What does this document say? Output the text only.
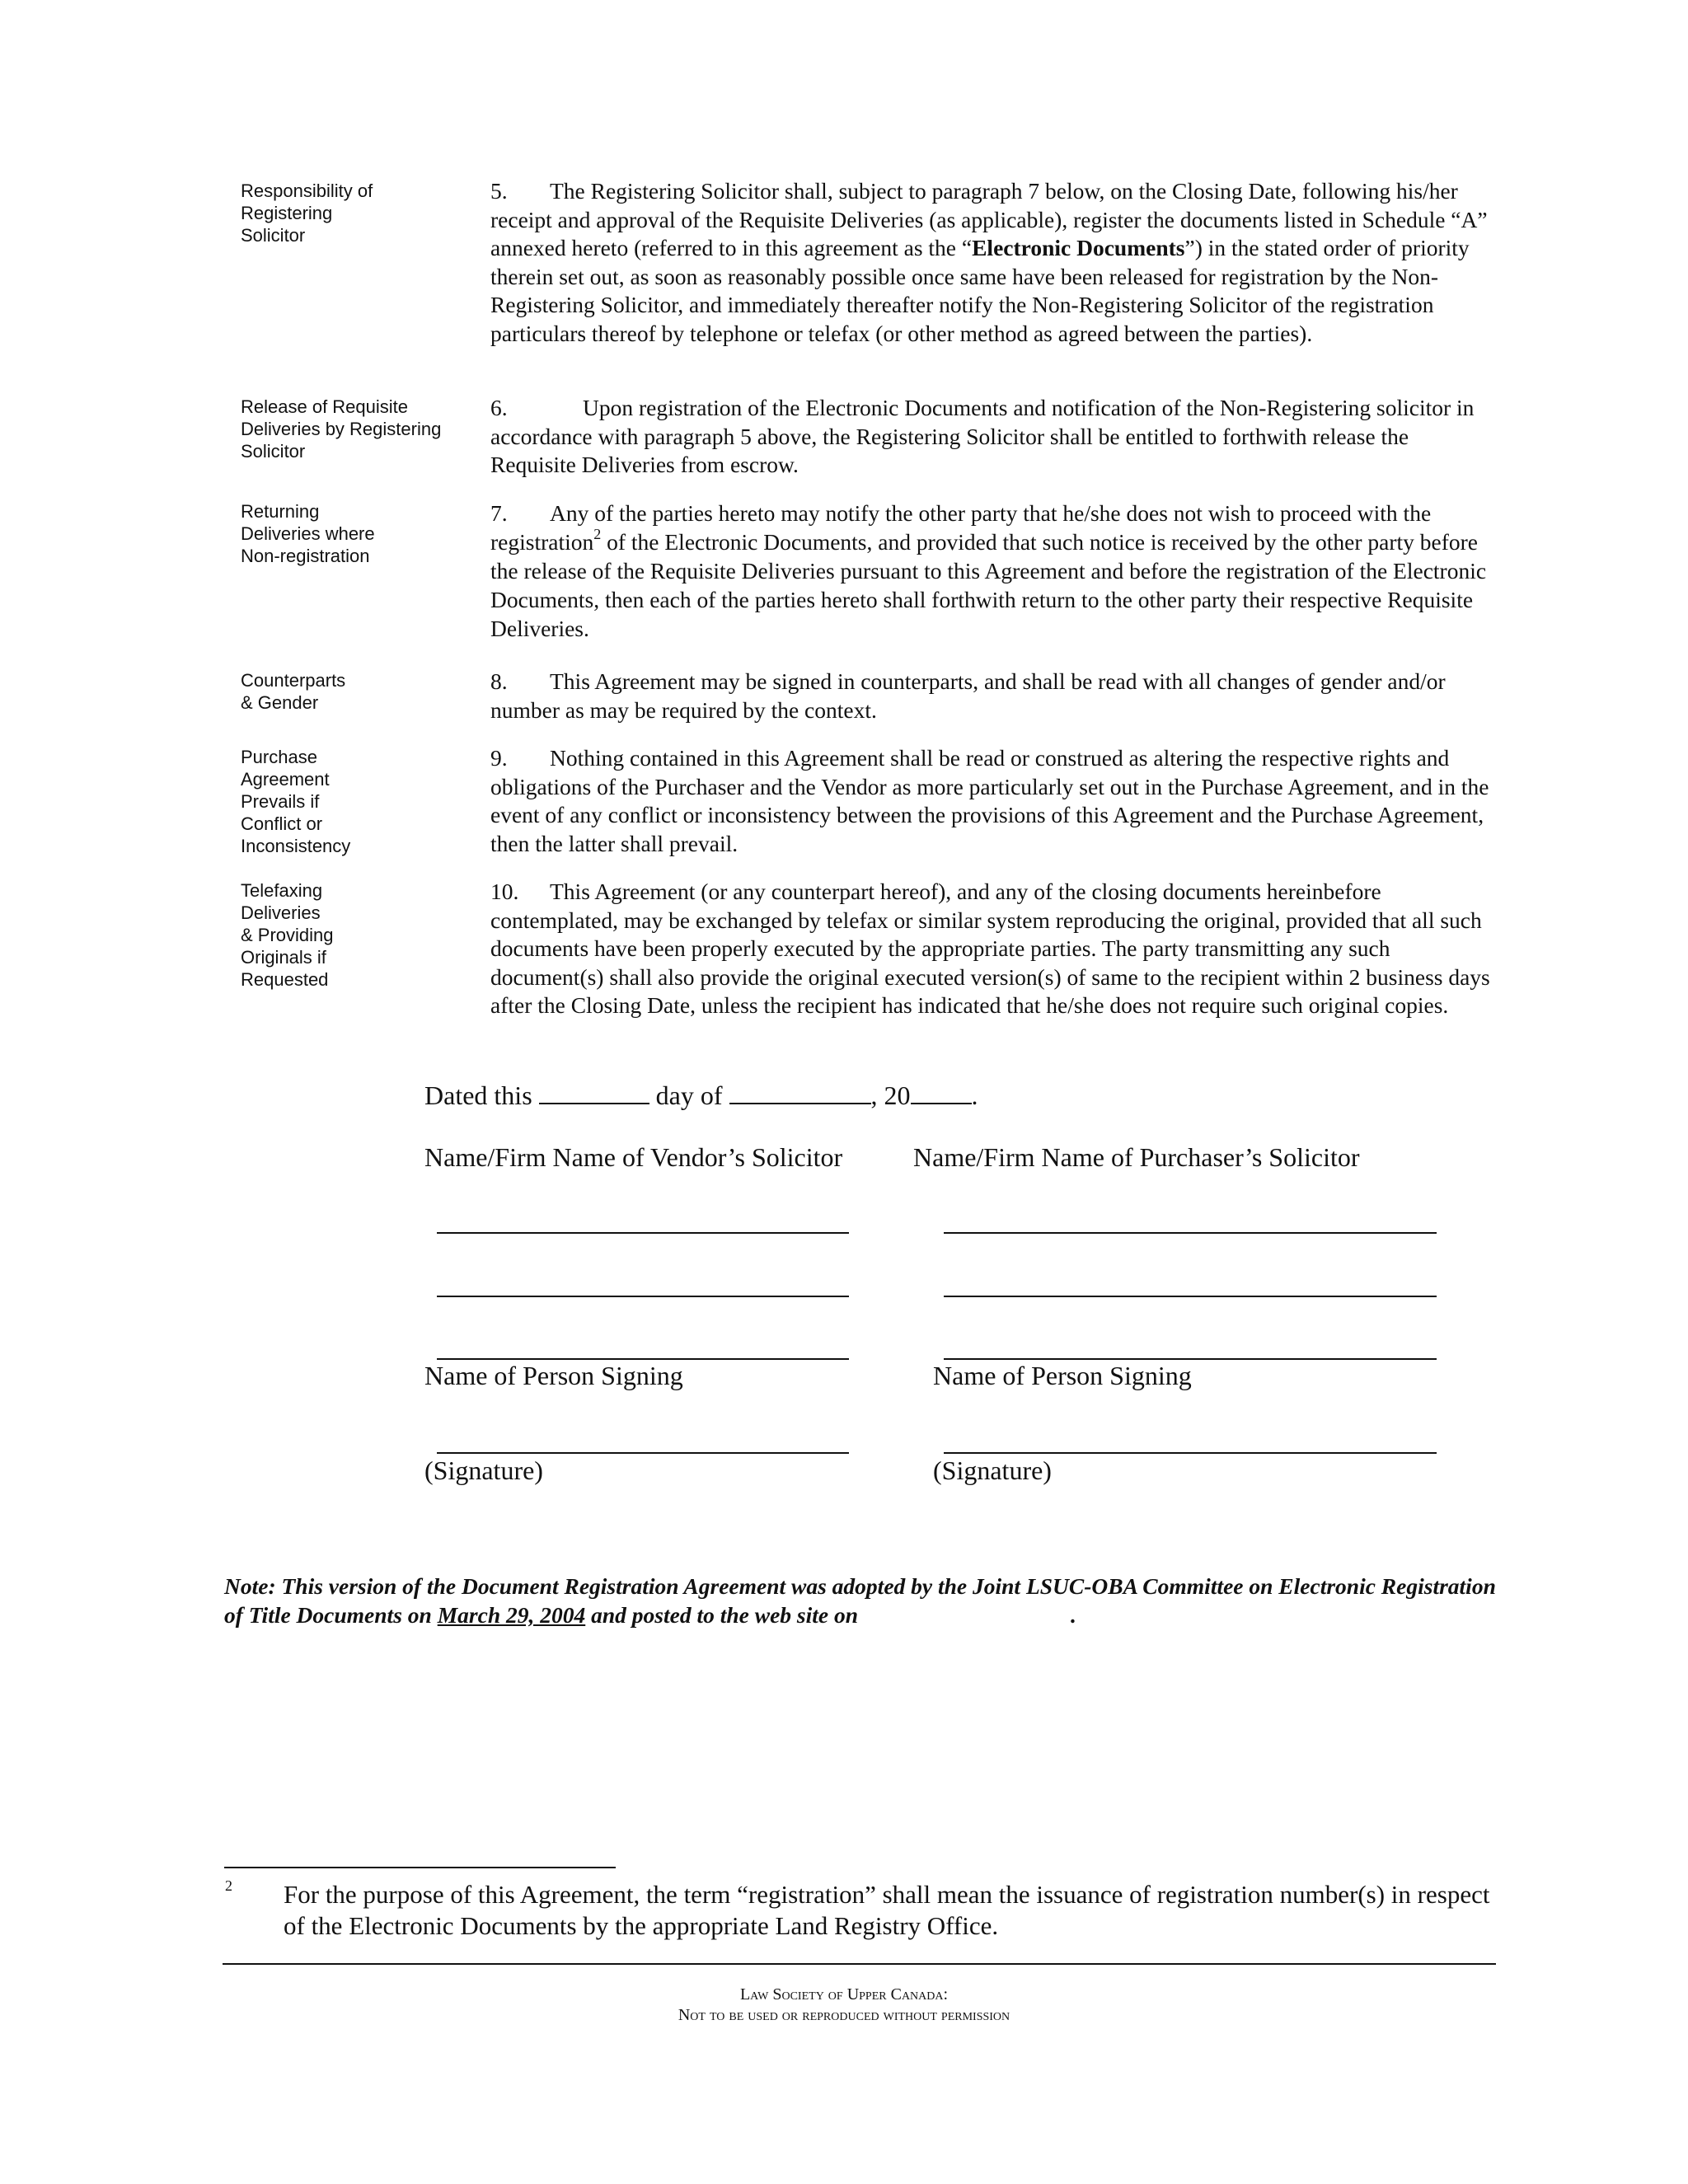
Responsibility of
Registering
Solicitor
5. The Registering Solicitor shall, subject to paragraph 7 below, on the Closing Date, following his/her receipt and approval of the Requisite Deliveries (as applicable), register the documents listed in Schedule “A” annexed hereto (referred to in this agreement as the “Electronic Documents”) in the stated order of priority therein set out, as soon as reasonably possible once same have been released for registration by the Non- Registering Solicitor, and immediately thereafter notify the Non-Registering Solicitor of the registration particulars thereof by telephone or telefax (or other method as agreed between the parties).
Release of Requisite
Deliveries by Registering
Solicitor
6.	Upon registration of the Electronic Documents and notification of the Non-Registering solicitor in accordance with paragraph 5 above, the Registering Solicitor shall be entitled to forthwith release the Requisite Deliveries from escrow.
Returning
Deliveries where
Non-registration
7. Any of the parties hereto may notify the other party that he/she does not wish to proceed with the registration$^2$ of the Electronic Documents, and provided that such notice is received by the other party before the release of the Requisite Deliveries pursuant to this Agreement and before the registration of the Electronic Documents, then each of the parties hereto shall forthwith return to the other party their respective Requisite Deliveries.
Counterparts
& Gender
8. This Agreement may be signed in counterparts, and shall be read with all changes of gender and/or number as may be required by the context.
Purchase
Agreement
Prevails if
Conflict or
Inconsistency
9. Nothing contained in this Agreement shall be read or construed as altering the respective rights and obligations of the Purchaser and the Vendor as more particularly set out in the Purchase Agreement, and in the event of any conflict or inconsistency between the provisions of this Agreement and the Purchase Agreement, then the latter shall prevail.
Telefaxing
Deliveries
& Providing
Originals if
Requested
10. This Agreement (or any counterpart hereof), and any of the closing documents hereinbefore contemplated, may be exchanged by telefax or similar system reproducing the original, provided that all such documents have been properly executed by the appropriate parties. The party transmitting any such document(s) shall also provide the original executed version(s) of same to the recipient within 2 business days after the Closing Date, unless the recipient has indicated that he/she does not require such original copies.
Dated this	day of	, 20 .
Name/Firm Name of Vendor’s Solicitor	Name/Firm Name of Purchaser’s Solicitor
Name of Person Signing	Name of Person Signing
(Signature)	(Signature)
Note: This version of the Document Registration Agreement was adopted by the Joint LSUC-OBA Committee on Electronic Registration of Title Documents on March 29, 2004 and posted to the web site on	.
2 For the purpose of this Agreement, the term “registration” shall mean the issuance of registration number(s) in respect of the Electronic Documents by the appropriate Land Registry Office.
Law Society of Upper Canada:
Not to be used or reproduced without permission
